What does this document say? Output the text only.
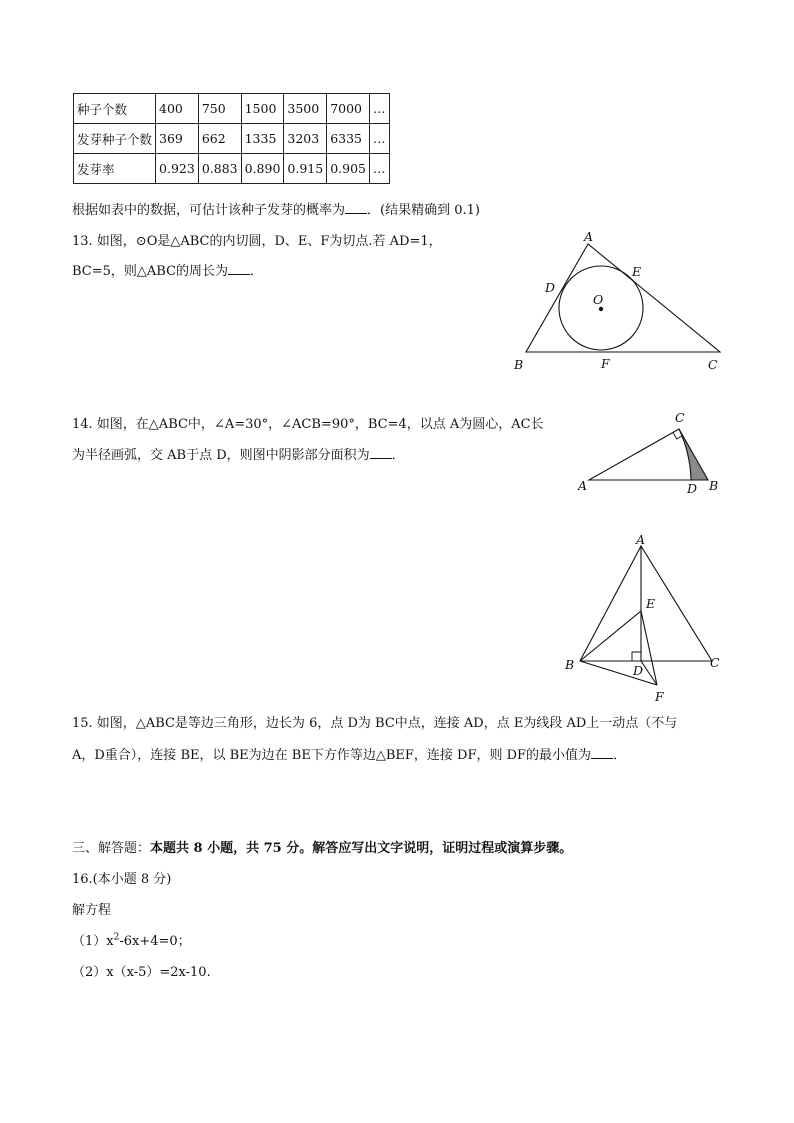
种子个数	400	750	1500	3500	7000	…
发芽种子个数	369	662	1335	3203	6335	…
发芽率	0.923	0.883	0.890	0.915	0.905	…
根据如表中的数据，可估计该种子发芽的概率为 ．(结果精确到 0.1)
13. 如图，⊙O是△ABC的内切圆，D、E、F为切点.若 AD=1，
BC=5，则△ABC的周长为 ．
A
D
E
O
B	F	C
14. 如图，在△ABC中，∠A=30°，∠ACB=90°，BC=4，以点 A为圆心，AC长
为半径画弧，交 AB于点 D，则图中阴影部分面积为 ．
C
A	D B
A
E
B	D
C
F
15. 如图，△ABC是等边三角形，边长为 6，点 D为 BC中点，连接 AD，点 E为线段 AD上一动点（不与
A，D重合），连接 BE，以 BE为边在 BE下方作等边△BEF，连接 DF，则 DF的最小值为 ．
三、解答题：本题共 8 小题，共 75 分。解答应写出文字说明，证明过程或演算步骤。
16.(本小题 8 分)
解方程
$(1)x^2-6x+4=0$；
（2）x（x-5）=2x-10.
